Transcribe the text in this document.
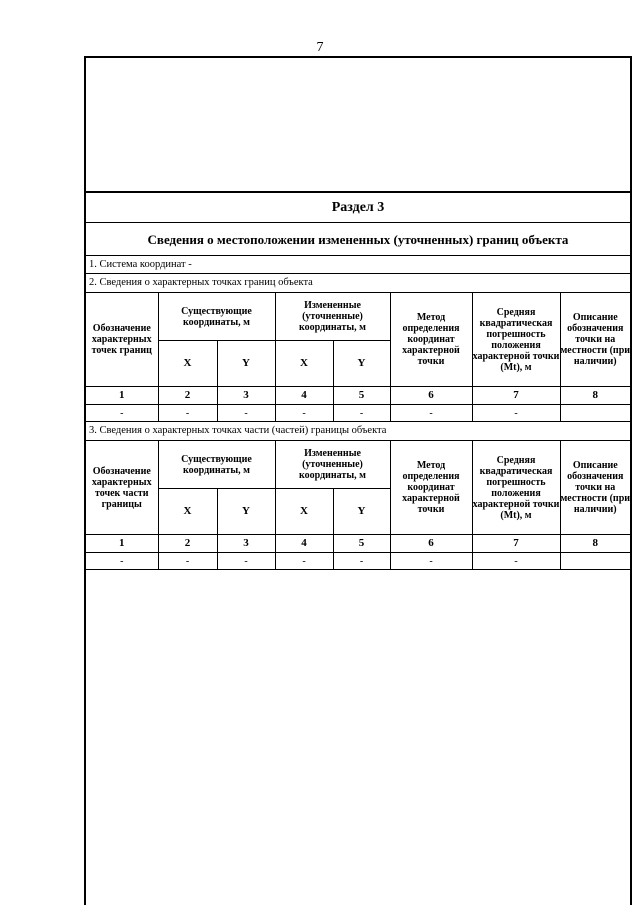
7
Раздел 3
Сведения о местоположении измененных (уточненных) границ объекта
1. Система координат -
2. Сведения о характерных точках границ объекта
Обозначение характерных точек границ	Существующие координаты, м		Измененные (уточненные) координаты, м		Метод определения координат характерной точки	Средняя квадратическая погрешность положения характерной точки (Mt), м	Описание обозначения точки на местности (при наличии)
	X	Y	X	Y			
1	2	3	4	5	6	7	8
-	-	-	-	-	-	-	
3. Сведения о характерных точках части (частей) границы объекта
Обозначение характерных точек части границы	Существующие координаты, м		Измененные (уточненные) координаты, м		Метод определения координат характерной точки	Средняя квадратическая погрешность положения характерной точки (Mt), м	Описание обозначения точки на местности (при наличии)
	X	Y	X	Y			
1	2	3	4	5	6	7	8
-	-	-	-	-	-	-	
